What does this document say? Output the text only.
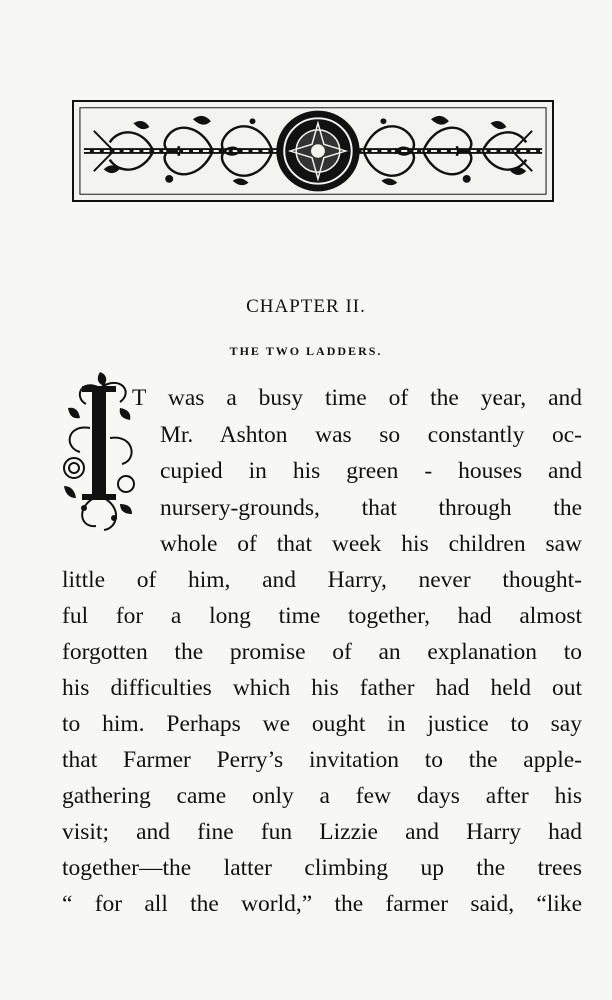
CHAPTER II.
THE TWO LADDERS.
T was a busy time of the year, and
Mr. Ashton was so constantly oc-
cupied in his green - houses and
nursery-grounds, that through the
whole of that week his children saw
little of him, and Harry, never thought-
ful for a long time together, had almost
forgotten the promise of an explanation to
his difficulties which his father had held out
to him. Perhaps we ought in justice to say
that Farmer Perry’s invitation to the apple-
gathering came only a few days after his
visit; and fine fun Lizzie and Harry had
together—the latter climbing up the trees
“ for all the world,” the farmer said, “like
